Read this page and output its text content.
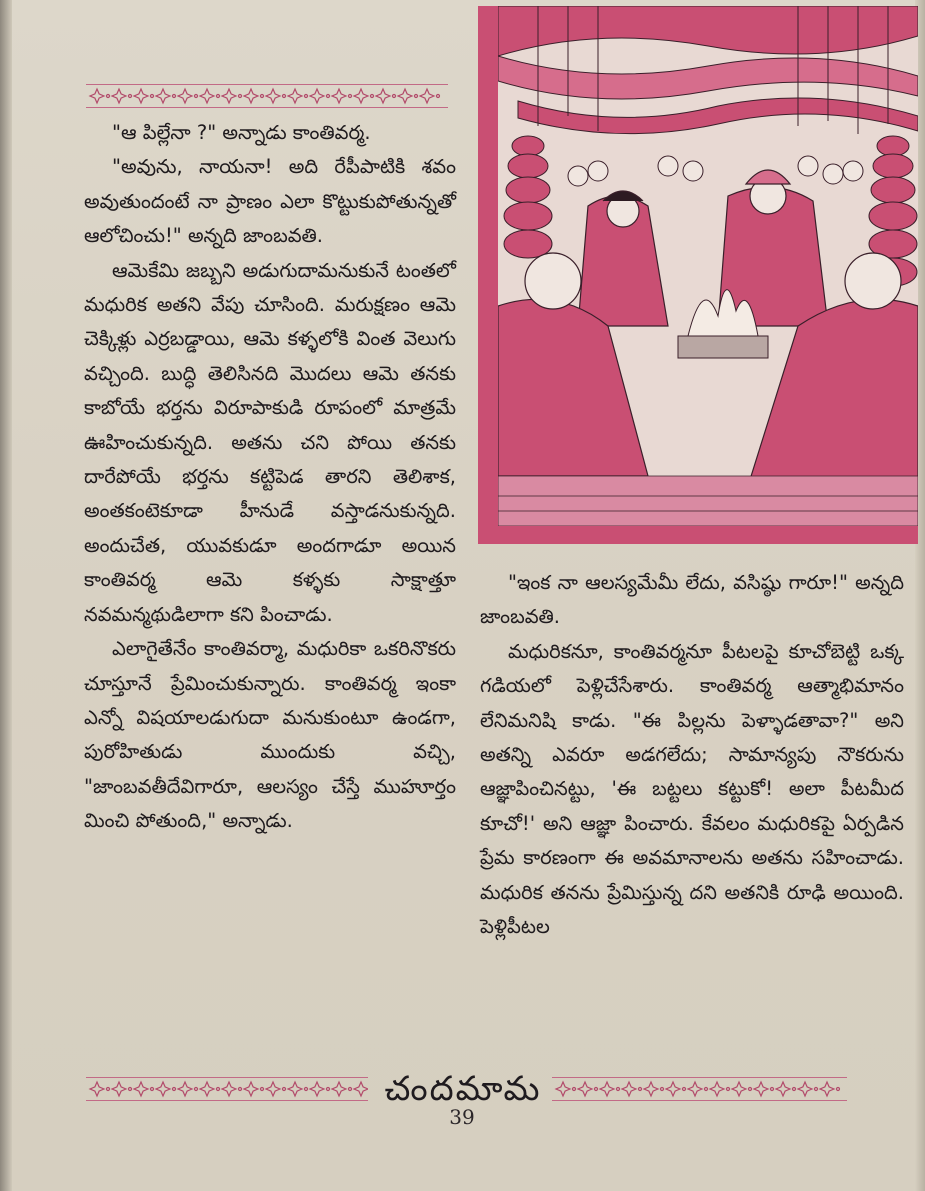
"ఆ పిల్లేనా ?" అన్నాడు కాంతివర్మ.

"అవును, నాయనా! అది రేపీపాటికి శవం అవుతుందంటే నా ప్రాణం ఎలా కొట్టుకుపోతున్నతో ఆలోచించు!" అన్నది జాంబవతి.

ఆమెకేమి జబ్బని అడుగుదామనుకునే టంతలో మధురిక అతని వేపు చూసింది. మరుక్షణం ఆమె చెక్కిళ్లు ఎర్రబడ్డాయి, ఆమె కళ్ళలోకి వింత వెలుగు వచ్చింది. బుద్ధి తెలిసినది మొదలు ఆమె తనకు కాబోయే భర్తను విరూపాకుడి రూపంలో మాత్రమే ఊహించుకున్నది. అతను చని పోయి తనకు దారేపోయే భర్తను కట్టిపెడ తారని తెలిశాక, అంతకంటెకూడా హీనుడే వస్తాడనుకున్నది. అందుచేత, యువకుడూ అందగాడూ అయిన కాంతివర్మ ఆమె కళ్ళకు సాక్షాత్తూ నవమన్మథుడిలాగా కని పించాడు.

ఎలాగైతేనేం కాంతివర్మా, మధురికా ఒకరినొకరు చూస్తూనే ప్రేమించుకున్నారు. కాంతివర్మ ఇంకా ఎన్నో విషయాలడుగుదా మనుకుంటూ ఉండగా, పురోహితుడు ముందుకు వచ్చి, "జాంబవతీదేవిగారూ, ఆలస్యం చేస్తే ముహూర్తం మించి పోతుంది," అన్నాడు.

"ఇంక నా ఆలస్యమేమీ లేదు, వసిష్ఠు గారూ!" అన్నది జాంబవతి.

మధురికనూ, కాంతివర్మనూ పీటలపై కూచోబెట్టి ఒక్క గడియలో పెళ్లిచేసేశారు. కాంతివర్మ ఆత్మాభిమానం లేనిమనిషి కాడు. "ఈ పిల్లను పెళ్ళాడతావా?" అని అతన్ని ఎవరూ అడగలేదు; సామాన్యపు నౌకరును ఆజ్ఞాపించినట్టు, 'ఈ బట్టలు కట్టుకో! అలా పీటమీద కూచో!' అని ఆజ్ఞా పించారు. కేవలం మధురికపై ఏర్పడిన ప్రేమ కారణంగా ఈ అవమానాలను అతను సహించాడు. మధురిక తనను ప్రేమిస్తున్న దని అతనికి రూఢి అయింది. పెళ్లిపీటల

చందమామ
39
